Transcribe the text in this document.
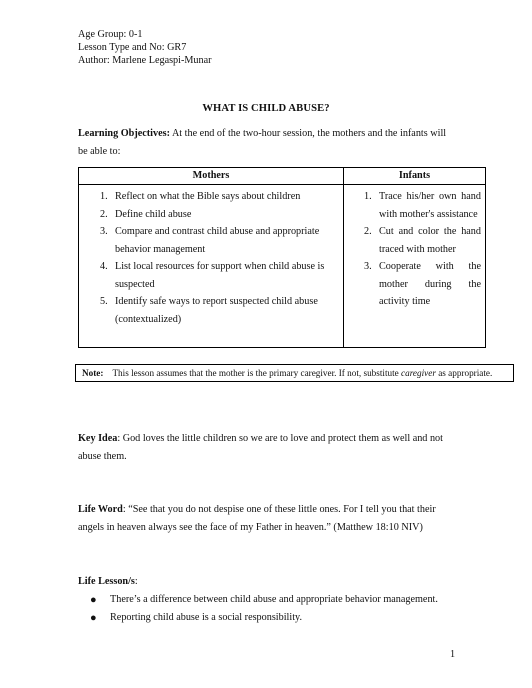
Age Group: 0-1
Lesson Type and No: GR7
Author: Marlene Legaspi-Munar
WHAT IS CHILD ABUSE?
Learning Objectives: At the end of the two-hour session, the mothers and the infants will
be able to:
Mothers	Infants
1. Reflect on what the Bible says about children
2. Define child abuse
3. Compare and contrast child abuse and appropriate behavior management
4. List local resources for support when child abuse is suspected
5. Identify safe ways to report suspected child abuse (contextualized)
1. Trace his/her own hand with mother's assistance
2. Cut and color the hand traced with mother
3. Cooperate with the mother during the activity time
Note: This lesson assumes that the mother is the primary caregiver. If not, substitute caregiver as appropriate.
Key Idea: God loves the little children so we are to love and protect them as well and not
abuse them.
Life Word: “See that you do not despise one of these little ones. For I tell you that their
angels in heaven always see the face of my Father in heaven.” (Matthew 18:10 NIV)
Life Lesson/s:
● There’s a difference between child abuse and appropriate behavior management.
● Reporting child abuse is a social responsibility.
1
